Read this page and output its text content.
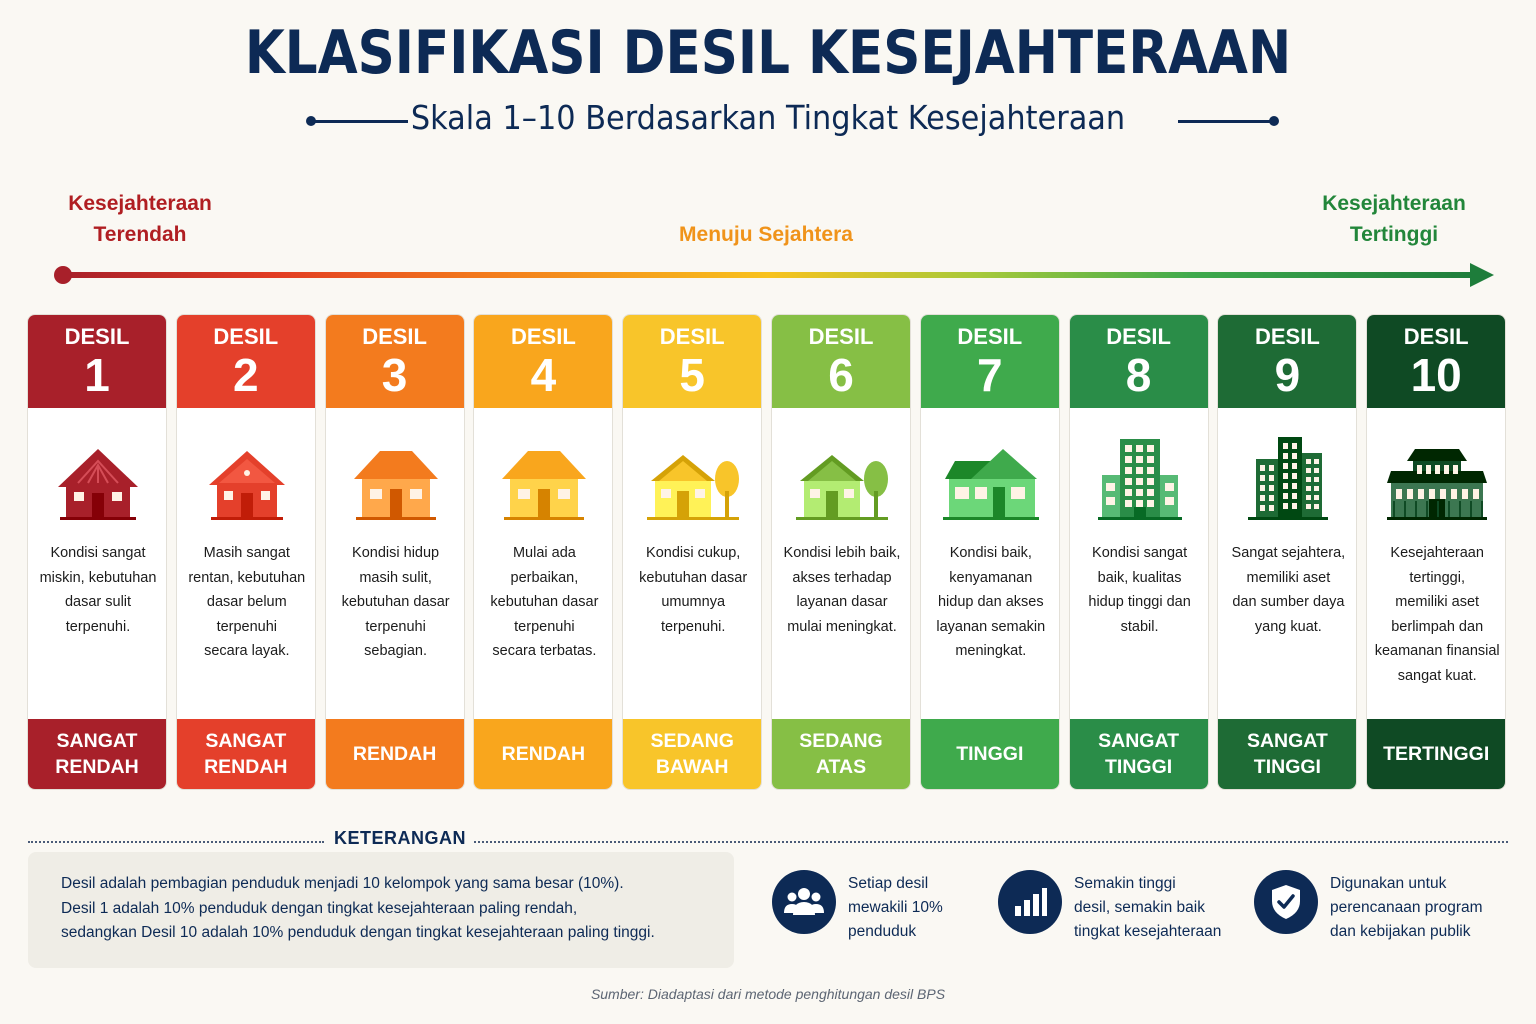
KLASIFIKASI DESIL KESEJAHTERAAN
Skala 1–10 Berdasarkan Tingkat Kesejahteraan
Kesejahteraan
Terendah	Menuju Sejahtera
Kesejahteraan
Tertinggi
DESIL
1
Kondisi sangat
miskin, kebutuhan
dasar sulit
terpenuhi.
SANGAT
RENDAH
DESIL
2
Masih sangat
rentan, kebutuhan
dasar belum
terpenuhi
secara layak.
SANGAT
RENDAH
DESIL
3
Kondisi hidup
masih sulit,
kebutuhan dasar
terpenuhi
sebagian.
RENDAH
DESIL
4
Mulai ada
perbaikan,
kebutuhan dasar
terpenuhi
secara terbatas.
RENDAH
DESIL
5
Kondisi cukup,
kebutuhan dasar
umumnya
terpenuhi.
SEDANG
BAWAH
DESIL
6
Kondisi lebih baik,
akses terhadap
layanan dasar
mulai meningkat.
SEDANG
ATAS
DESIL
7
Kondisi baik,
kenyamanan
hidup dan akses
layanan semakin
meningkat.
TINGGI
DESIL
8
Kondisi sangat
baik, kualitas
hidup tinggi dan
stabil.
SANGAT
TINGGI
DESIL
9
Sangat sejahtera,
memiliki aset
dan sumber daya
yang kuat.
SANGAT
TINGGI
DESIL
10
Kesejahteraan
tertinggi,
memiliki aset
berlimpah dan
keamanan finansial
sangat kuat.
TERTINGGI
KETERANGAN

Desil adalah pembagian penduduk menjadi 10 kelompok yang sama besar (10%).

Desil 1 adalah 10% penduduk dengan tingkat kesejahteraan paling rendah,

sedangkan Desil 10 adalah 10% penduduk dengan tingkat kesejahteraan paling tinggi.

Setiap desil
mewakili 10%
penduduk
Semakin tinggi
desil, semakin baik
tingkat kesejahteraan
Digunakan untuk
perencanaan program
dan kebijakan publik
Sumber: Diadaptasi dari metode penghitungan desil BPS
